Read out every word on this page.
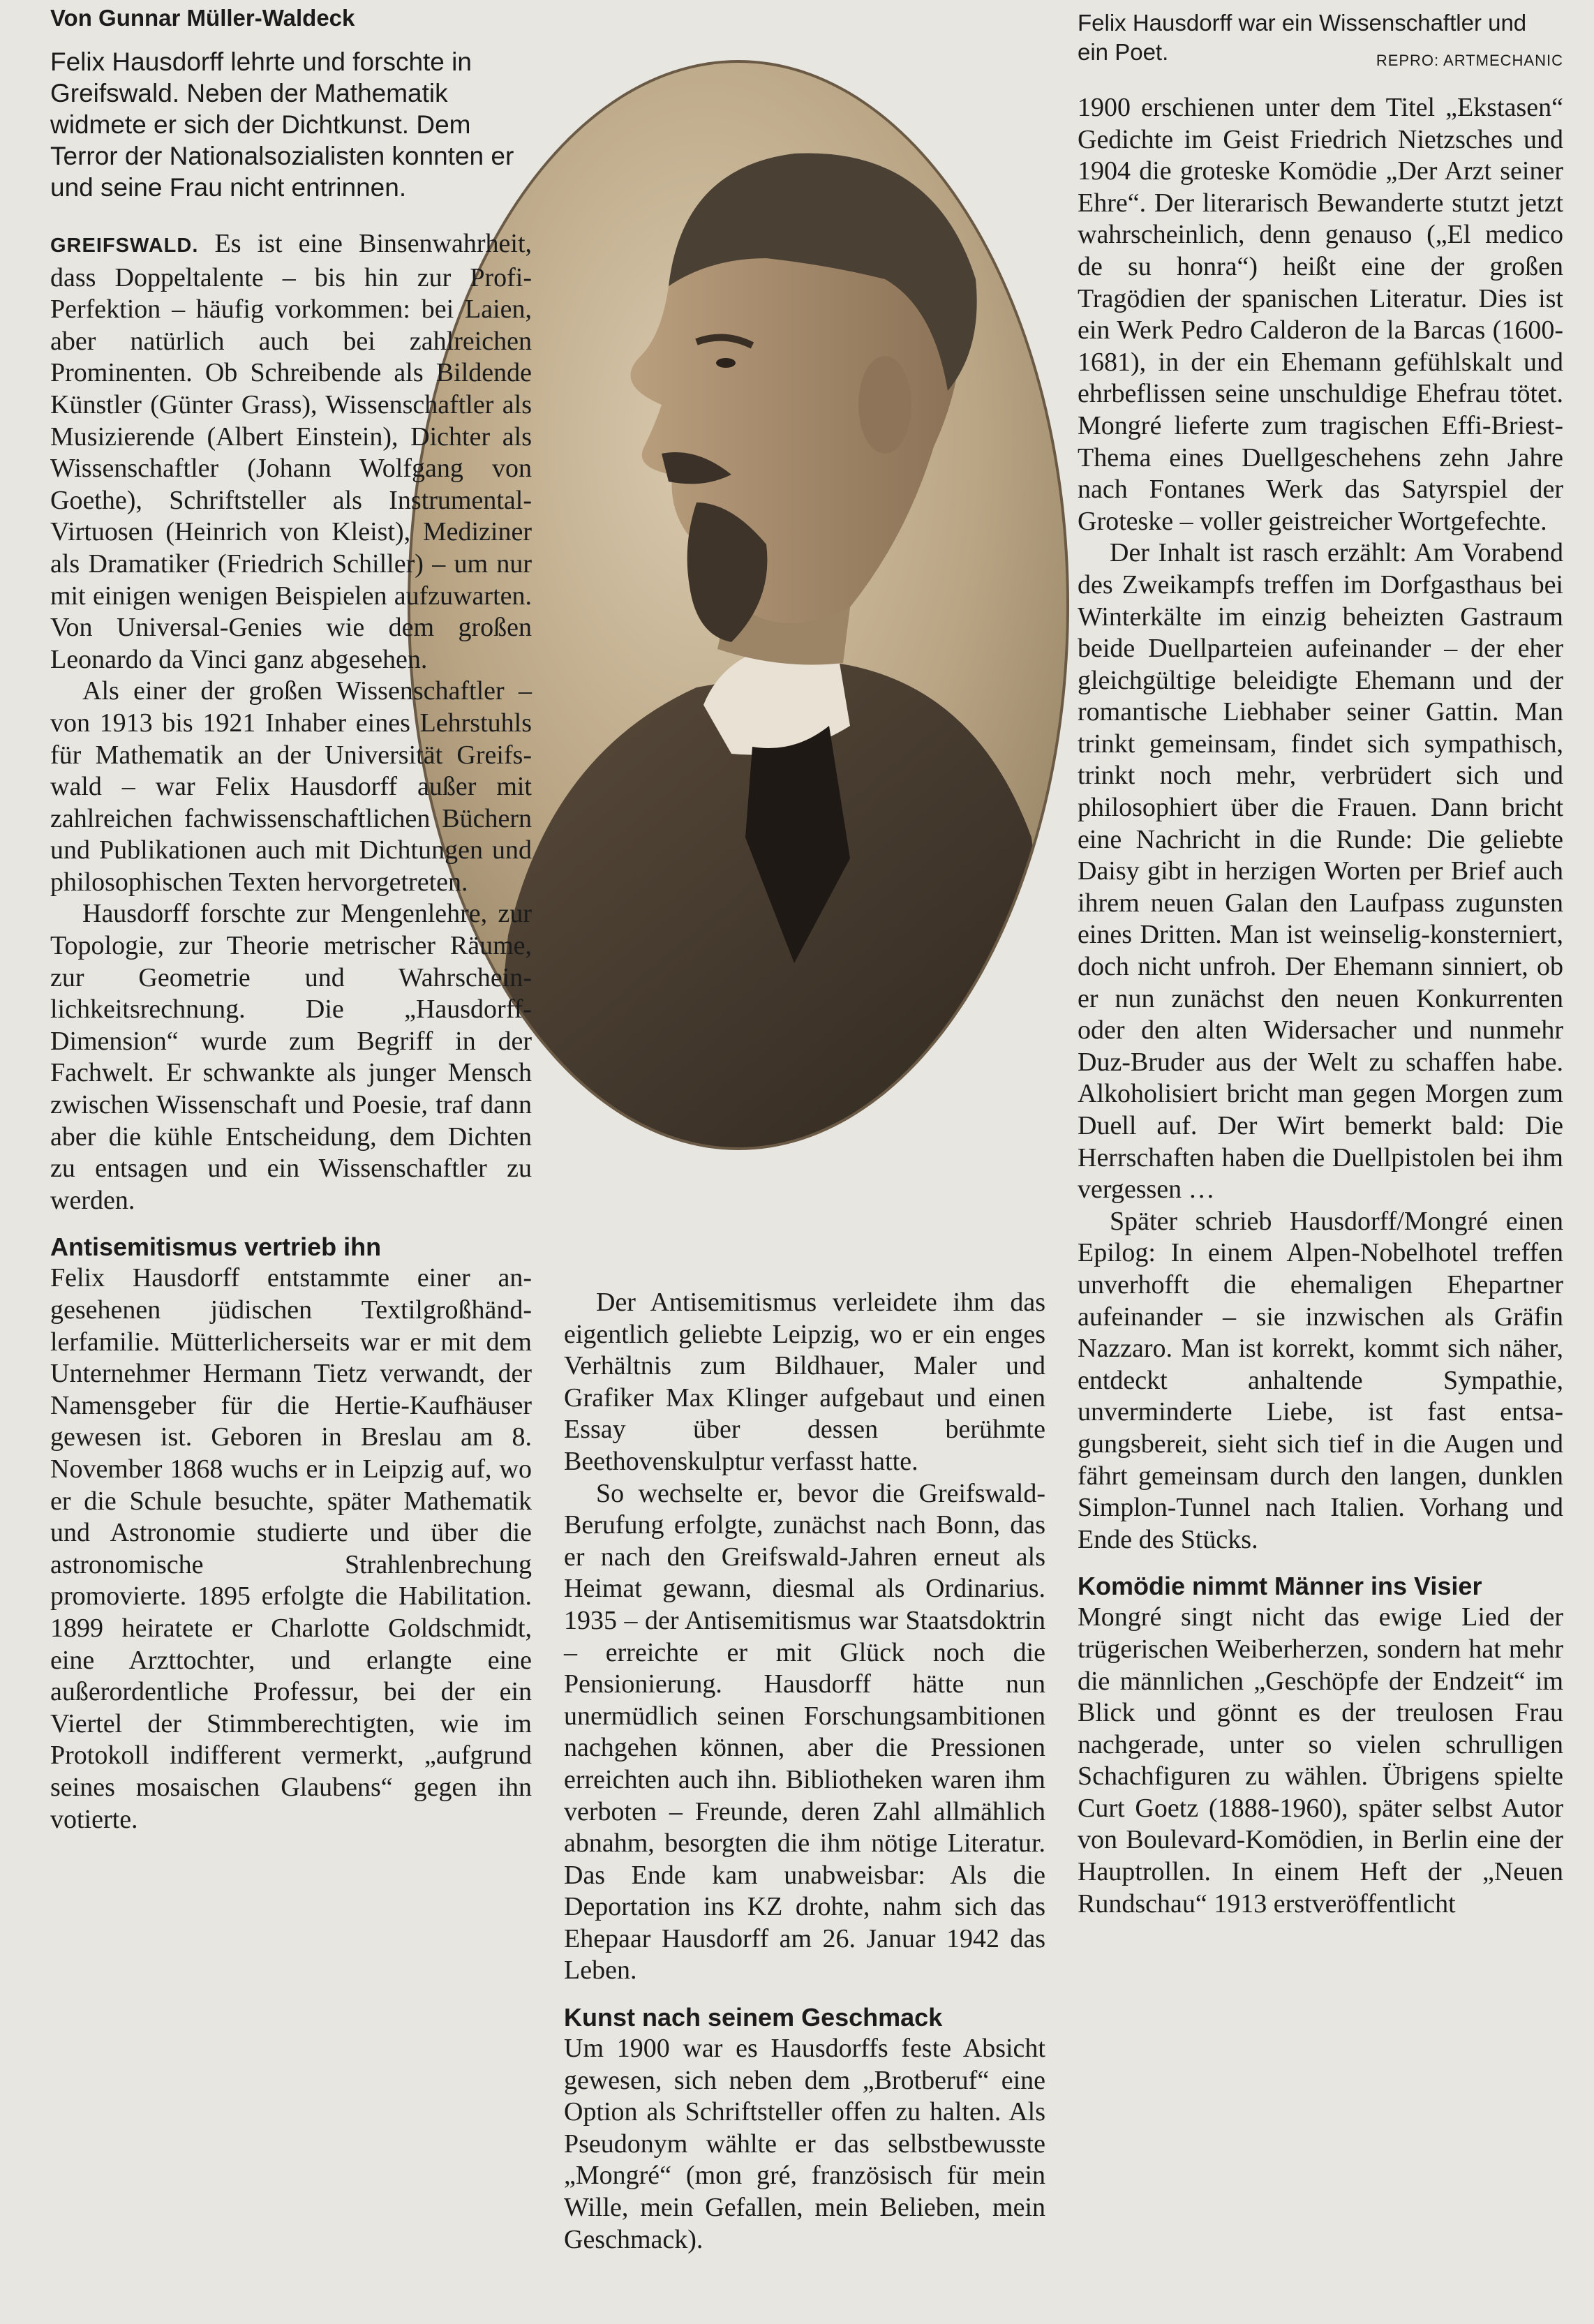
Von Gunnar Müller-Waldeck
Felix Hausdorff lehrte und forschte in Greifswald. Neben der Mathematik widmete er sich der Dichtkunst. Dem Terror der Nationalsozialisten konnten er und seine Frau nicht entrinnen.

GREIFSWALD. Es ist eine Binsenwahrheit, dass Doppeltalente – bis hin zur Profi-Perfektion – häufig vorkommen: bei Laien, aber natürlich auch bei zahlreichen Prominenten. Ob Schreibende als Bildende Künstler (Günter Grass), Wissenschaftler als Musizierende (Albert Einstein), Dichter als Wissenschaftler (Johann Wolfgang von Goethe), Schriftsteller als Instrumental-Virtuosen (Heinrich von Kleist), Mediziner als Dramatiker (Friedrich Schiller) – um nur mit einigen wenigen Beispielen aufzuwarten. Von Universal-Genies wie dem großen Leonardo da Vinci ganz abgesehen.

Als einer der großen Wissenschaftler – von 1913 bis 1921 Inhaber eines Lehrstuhls für Mathematik an der Universität Greifswald – war Felix Hausdorff außer mit zahlreichen fachwissenschaftlichen Büchern und Publikationen auch mit Dichtungen und philosophischen Texten hervorgetreten.

Hausdorff forschte zur Mengenlehre, zur Topologie, zur Theorie metrischer Räume, zur Geometrie und Wahrscheinlichkeitsrechnung. Die „Hausdorff-Dimension“ wurde zum Begriff in der Fachwelt. Er schwankte als junger Mensch zwischen Wissenschaft und Poesie, traf dann aber die kühle Entscheidung, dem Dichten zu entsagen und ein Wissenschaftler zu werden.

Antisemitismus vertrieb ihn

Felix Hausdorff entstammte einer angesehenen jüdischen Textilgroßhändlerfamilie. Mütterlicherseits war er mit dem Unternehmer Hermann Tietz verwandt, der Namensgeber für die Hertie-Kaufhäuser gewesen ist. Geboren in Breslau am 8. November 1868 wuchs er in Leipzig auf, wo er die Schule besuchte, später Mathematik und Astronomie studierte und über die astronomische Strahlenbrechung promovierte. 1895 erfolgte die Habilitation. 1899 heiratete er Charlotte Goldschmidt, eine Arzttochter, und erlangte eine außerordentliche Professur, bei der ein Viertel der Stimmberechtigten, wie im Protokoll indifferent vermerkt, „aufgrund seines mosaischen Glaubens“ gegen ihn votierte.

Der Antisemitismus verleidete ihm das eigentlich geliebte Leipzig, wo er ein enges Verhältnis zum Bildhauer, Maler und Grafiker Max Klinger aufgebaut und einen Essay über dessen berühmte Beethovenskulptur verfasst hatte.

So wechselte er, bevor die Greifswald-Berufung erfolgte, zunächst nach Bonn, das er nach den Greifswald-Jahren erneut als Heimat gewann, diesmal als Ordinarius. 1935 – der Antisemitismus war Staatsdoktrin – erreichte er mit Glück noch die Pensionierung. Hausdorff hätte nun unermüdlich seinen Forschungsambitionen nachgehen können, aber die Pressionen erreichten auch ihn. Bibliotheken waren ihm verboten – Freunde, deren Zahl allmählich abnahm, besorgten die ihm nötige Literatur. Das Ende kam unabweisbar: Als die Deportation ins KZ drohte, nahm sich das Ehepaar Hausdorff am 26. Januar 1942 das Leben.

Kunst nach seinem Geschmack

Um 1900 war es Hausdorffs feste Absicht gewesen, sich neben dem „Brotberuf“ eine Option als Schriftsteller offen zu halten. Als Pseudonym wählte er das selbstbewusste „Mongré“ (mon gré, französisch für mein Wille, mein Gefallen, mein Belieben, mein Geschmack).

Felix Hausdorff war ein Wissenschaftler und ein Poet.	REPRO: ARTMECHANIC

1900 erschienen unter dem Titel „Ekstasen“ Gedichte im Geist Friedrich Nietzsches und 1904 die groteske Komödie „Der Arzt seiner Ehre“. Der literarisch Bewanderte stutzt jetzt wahrscheinlich, denn genauso („El medico de su honra“) heißt eine der großen Tragödien der spanischen Literatur. Dies ist ein Werk Pedro Calderon de la Barcas (1600-1681), in der ein Ehemann gefühlskalt und ehrbeflissen seine unschuldige Ehefrau tötet. Mongré lieferte zum tragischen Effi-Briest-Thema eines Duellgeschehens zehn Jahre nach Fontanes Werk das Satyrspiel der Groteske – voller geistreicher Wortgefechte.

Der Inhalt ist rasch erzählt: Am Vorabend des Zweikampfs treffen im Dorfgasthaus bei Winterkälte im einzig beheizten Gastraum beide Duellparteien aufeinander – der eher gleichgültige beleidigte Ehemann und der romantische Liebhaber seiner Gattin. Man trinkt gemeinsam, findet sich sympathisch, trinkt noch mehr, verbrüdert sich und philosophiert über die Frauen. Dann bricht eine Nachricht in die Runde: Die geliebte Daisy gibt in herzigen Worten per Brief auch ihrem neuen Galan den Laufpass zugunsten eines Dritten. Man ist weinselig-konsterniert, doch nicht unfroh. Der Ehemann sinniert, ob er nun zunächst den neuen Konkurrenten oder den alten Widersacher und nunmehr Duz-Bruder aus der Welt zu schaffen habe. Alkoholisiert bricht man gegen Morgen zum Duell auf. Der Wirt bemerkt bald: Die Herrschaften haben die Duellpistolen bei ihm vergessen …

Später schrieb Hausdorff/Mongré einen Epilog: In einem Alpen-Nobelhotel treffen unverhofft die ehemaligen Ehepartner aufeinander – sie inzwischen als Gräfin Nazzaro. Man ist korrekt, kommt sich näher, entdeckt anhaltende Sympathie, unverminderte Liebe, ist fast entsagungsbereit, sieht sich tief in die Augen und fährt gemeinsam durch den langen, dunklen Simplon-Tunnel nach Italien. Vorhang und Ende des Stücks.

Komödie nimmt Männer ins Visier

Mongré singt nicht das ewige Lied der trügerischen Weiberherzen, sondern hat mehr die männlichen „Geschöpfe der Endzeit“ im Blick und gönnt es der treulosen Frau nachgerade, unter so vielen schrulligen Schachfiguren zu wählen. Übrigens spielte Curt Goetz (1888-1960), später selbst Autor von Boulevard-Komödien, in Berlin eine der Hauptrollen. In einem Heft der „Neuen Rundschau“ 1913 erstveröffentlicht
